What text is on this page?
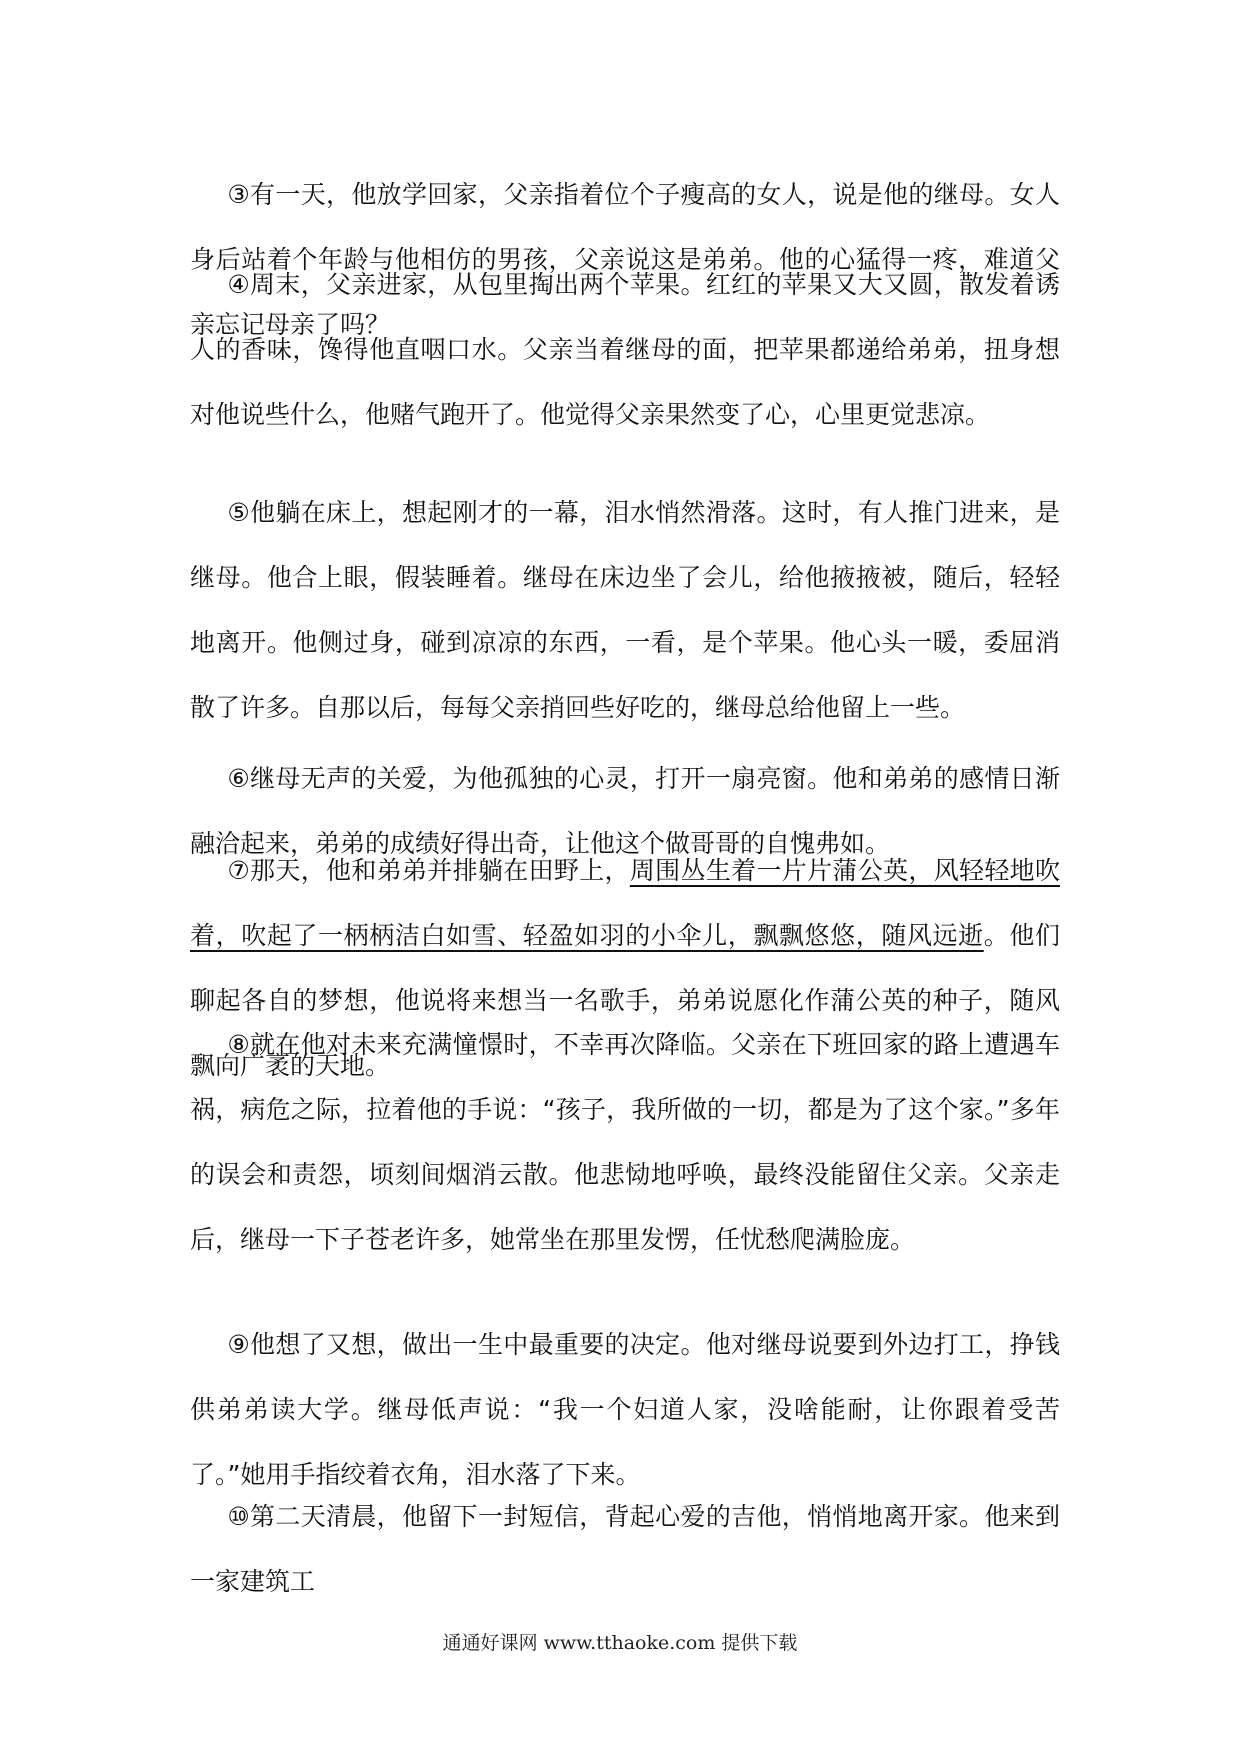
③有一天，他放学回家，父亲指着位个子瘦高的女人，说是他的继母。女人身后站着个年龄与他相仿的男孩，父亲说这是弟弟。他的心猛得一疼，难道父亲忘记母亲了吗？

④周末，父亲进家，从包里掏出两个苹果。红红的苹果又大又圆，散发着诱人的香味，馋得他直咽口水。父亲当着继母的面，把苹果都递给弟弟，扭身想对他说些什么，他赌气跑开了。他觉得父亲果然变了心，心里更觉悲凉。

⑤他躺在床上，想起刚才的一幕，泪水悄然滑落。这时，有人推门进来，是继母。他合上眼，假装睡着。继母在床边坐了会儿，给他掖掖被，随后，轻轻地离开。他侧过身，碰到凉凉的东西，一看，是个苹果。他心头一暖，委屈消散了许多。自那以后，每每父亲捎回些好吃的，继母总给他留上一些。

⑥继母无声的关爱，为他孤独的心灵，打开一扇亮窗。他和弟弟的感情日渐融洽起来，弟弟的成绩好得出奇，让他这个做哥哥的自愧弗如。

⑦那天，他和弟弟并排躺在田野上，周围丛生着一片片蒲公英，风轻轻地吹着，吹起了一柄柄洁白如雪、轻盈如羽的小伞儿，飘飘悠悠，随风远逝。他们聊起各自的梦想，他说将来想当一名歌手，弟弟说愿化作蒲公英的种子，随风飘向广袤的天地。

⑧就在他对未来充满憧憬时，不幸再次降临。父亲在下班回家的路上遭遇车祸，病危之际，拉着他的手说：“孩子，我所做的一切，都是为了这个家。”多年的误会和责怨，顷刻间烟消云散。他悲恸地呼唤，最终没能留住父亲。父亲走后，继母一下子苍老许多，她常坐在那里发愣，任忧愁爬满脸庞。

⑨他想了又想，做出一生中最重要的决定。他对继母说要到外边打工，挣钱供弟弟读大学。继母低声说：“我一个妇道人家，没啥能耐，让你跟着受苦了。”她用手指绞着衣角，泪水落了下来。

⑩第二天清晨，他留下一封短信，背起心爱的吉他，悄悄地离开家。他来到一家建筑工

通通好课网 www.tthaoke.com 提供下载
